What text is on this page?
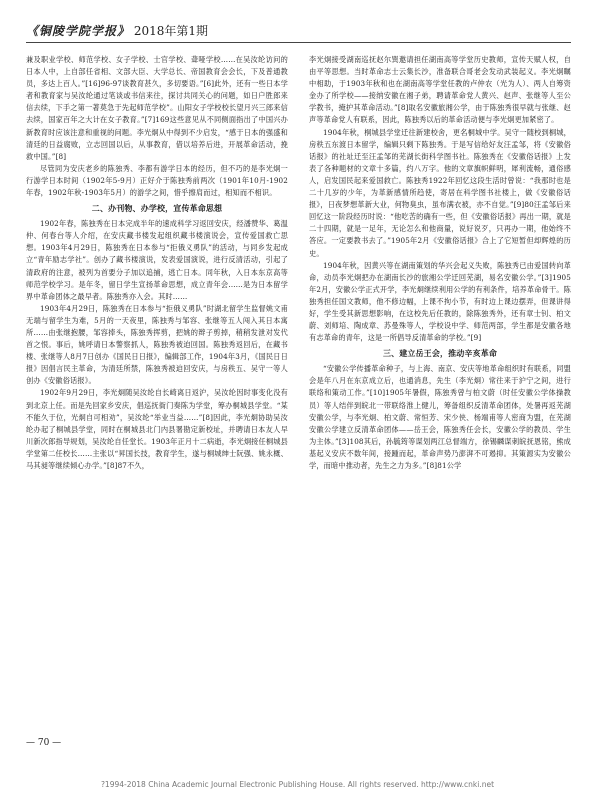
《铜陵学院学报》 2018年第1期

兼及职业学校、师范学校、女子学校、士官学校、聋哑学校……在吴汝纶访问的日本人中，上自部任省相、文部大臣、大学总长、帝国教育会会长，下及普通教员，多达上百人。”[16]96-97谈教育甚久，多切要语。”[6]此外，还有一些日本学者和教育家与吴汝纶通过笔谈或书信来往，探讨共同关心的问题，如日户胜郎来信去续，下手之第一著莫急于先起师范学校”。山阳女子学校校长望月兴三郎来信去续，国家百年之大计在女子教育。”[7]169这些意见从不同侧面指出了中国兴办新教育时应该注意和重视的问题。李光炯从中得到不少启发，“感于日本的强盛和清廷的日益腐败，立志回国以后，从事教育，借以培养后进，开展革命活动，挽救中国。”[8]

尽管同为安庆老乡的陈独秀、李都有游学日本的经历，但不巧的是李光炯一行游学日本时间（1902年5-9月）正好介于陈独秀前两次（1901年10月-1902年春，1902年秋-1903年5月）的游学之间，惜乎擦肩而过，相知而不相识。

二、办刊物、办学校，宣传革命思想

1902年春，陈独秀在日本完成半年的速成科学习返回安庆，经潘赞华、葛温仲、何春台等人介绍，在安庆藏书楼发起组织藏书楼演说会，宣传爱国救亡思想。1903年4月29日，陈独秀在日本参与“拒俄义勇队”的活动，与同乡发起成立“青年励志学社”。创办了藏书楼演说，发表爱国演说，进行反清活动，引起了清政府的注意，被列为首要分子加以追捕，逃亡日本。同年秋，入日本东京高等师范学校学习。是年冬，留日学生宣扬革命思想，成立青年会……是为日本留学界中革命团体之最早者。陈独秀亦入会。其时……

1903年4月29日，陈独秀在日本参与“拒俄义勇队”时湖北留学生监督姚文甫无端与留学生为难，5月的一天夜里，陈独秀与邹容、张继等五人闯入其日本寓所……由张继抱腰，邹容捧头，陈独秀挥剪，把姚的辫子剪掉，稍稍发泄对发代首之恨。事后，姚呼请日本警察抓人，陈独秀被迫回国。陈独秀返回后，在藏书楼、张继等人8月7日创办《国民日日报》，编辑部工作，1904年3月，《国民日日报》因倡言民主革命，为清廷所禁，陈独秀被迫回安庆，与房秩五、吴守一等人创办《安徽俗话报》。

1902年9月29日，李光炯随吴汝纶自长崎离日返沪，吴汝纶因时事变化没有到北京上任。而是先回家乡安庆，倡巡抚衙门奏陈为学堂，筹办桐城县学堂。“某不能久于位，光炯自可相劝”，吴汝纶“举业当益……”[8]因此，李光炯协助吴汝纶办起了桐城县学堂，同时在桐城县北门内县署勘定新校址，并聘请日本友人早川新次郎指导规划，吴汝纶自任堂长。1903年正月十二病逝，李光炯接任桐城县学堂第二任校长……主张以“昇国长技，教育学生，遂与桐城绅士阮强、姚永概、马其昶等继续倾心办学。”[8]87不久，

李光炯接受湖南巡抚赵尔巽邀请担任湖南高等学堂历史教师，宣传天赋人权，自由平等思想。当时革命志士云集长沙，准备联合哥老会发动武装起义。李光炯瞩中相助，于1903年秋和也在湖南高等学堂任教的卢仲农（光为人）、两人自筹资金办了所学校——接纳安徽在湘子弟，聘请革命党人黄兴、赵声、张继等人至公学教书，掩护其革命活动。”[8]取名安徽旅湘公学，由于陈独秀很早就与张继、赵声等革命党人有联系，因此，陈独秀以后的革命活动便与李光炯更加紧密了。

1904年秋，桐城县学堂迁往新建校舍，更名桐城中学。吴守一随校到桐城，房秩五东渡日本留学，编辑只剩下陈独秀。于是写信给好友汪孟邹，将《安徽俗话报》的社址迁至汪孟邹的芜湖长街科学图书社。陈独秀在《安徽俗话报》上发表了各种题材的文章十多篇，约八万字。他的文章旗帜鲜明，犀利流畅，通俗感人，启发国民起来爱国救亡。陈独秀1922年回忆这段生活时曾说：“我那时也是二十几岁的少年，为革新感情所趋使，寄居在科学图书社楼上，做《安徽俗话报》，日夜梦想革新大业，何物臭虫，虽布满衣被，亦不自觉。”[9]80汪孟邹后来回忆这一阶段经历时说：“他吃苦的确有一些，但《安徽俗话报》再出一期，就是二十四期，就是一足年，无论怎么和他商量，说好说歹，只再办一期，他始终不答应。一定要教书去了。”1905年2月《安徽俗话报》合上了它短暂但却辉煌的历史。

1904年秋，因黄兴等在湖南策划的华兴会起义失败，陈独秀已由爱国转向革命，动员李光炯把办在湖南长沙的旅湘公学迁回芜湖，易名安徽公学。”[3]1905年2月，安徽公学正式开学，李光炯继续利用公学的有利条件，培养革命骨干。陈独秀担任国文教师，他不修边幅，上课不拘小节，有时边上课边摆弄，但课讲得好，学生受其新思想影响，在这校先后任教的，除陈独秀外，还有章士钊、柏文蔚、刘师培、陶成章、苏曼殊等人，学校设中学、师范两部，学生都是安徽各地有志革命的青年，这是一所倡导反清革命的学校。”[9]

三、建立岳王会，推动辛亥革命

“安徽公学传播革命种子，与上海、南京、安庆等地革命组织时有联系，同盟会是年八月在东京成立后，也通消息，先生（李光炯）常往来于沪宁之间，进行联络和策动工作。”[10]1905年暑假，陈独秀曾与柏文蔚（时任安徽公学体操教员）等人结伴到皖北一带联络淮上健儿，筹备组织反清革命团体，处暑再返芜湖安徽公学，与李光炯、柏文蔚、常恒芳、宋少侠、杨端甫等人密商为盟，在芜湖安徽公学建立反清革命团体——岳王会，陈独秀任会长，安徽公学的教员、学生为主体。”[3]108其后，孙毓筠等谋划两江总督端方，徐锡麟谋刺皖抚恩铭，熊成基起义安庆不数年间，接踵而起，革命声势乃澎湃不可遏抑。其策源实为安徽公学，而暗中推动者，先生之力为多。”[8]81公学

— 70 —
?1994-2018 China Academic Journal Electronic Publishing House. All rights reserved. http://www.cnki.net
